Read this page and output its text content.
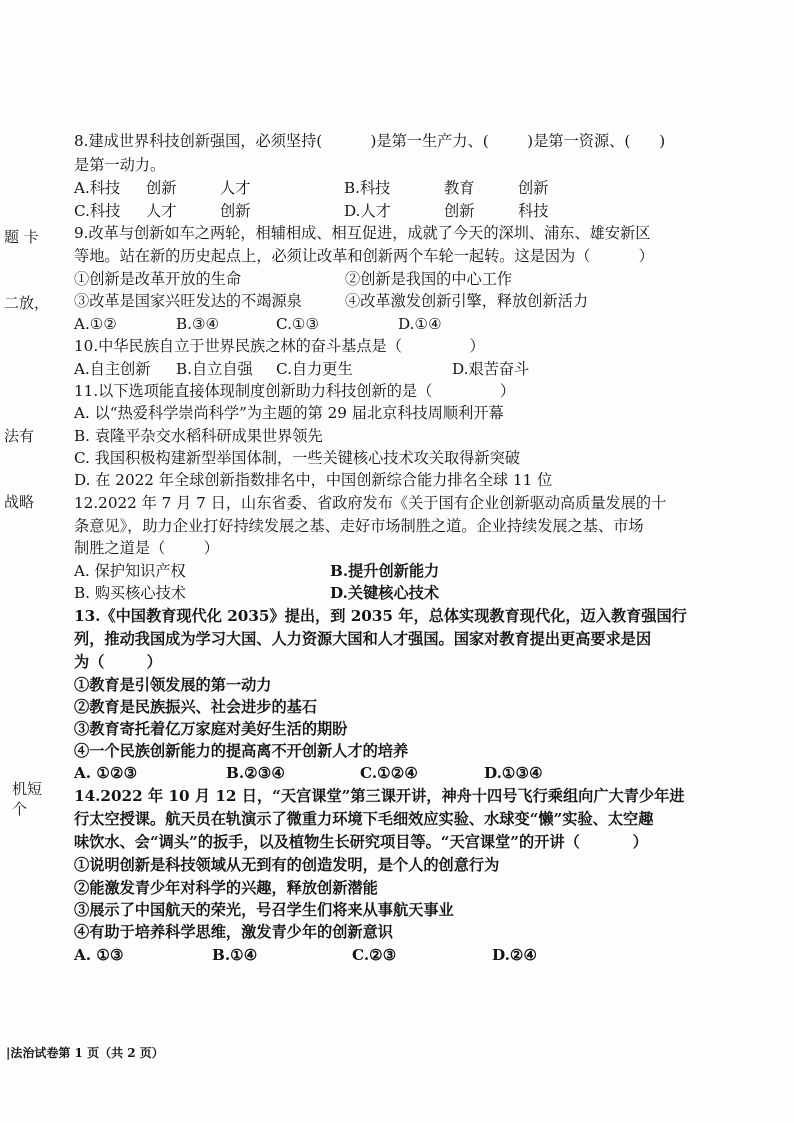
题 卡
二放，
法有
战略
机短
个
8.建成世界科技创新强国，必须坚持(          )是第一生产力、(        )是第一资源、(      )
是第一动力。
A.科技 创新	人才	B.科技	教育	创新
C.科技 人才	创新	D.人才	创新	科技
9.改革与创新如车之两轮，相辅相成、相互促进，成就了今天的深圳、浦东、雄安新区
等地。站在新的历史起点上，必须让改革和创新两个车轮一起转。这是因为（          ）
①创新是改革开放的生命	②创新是我国的中心工作
③改革是国家兴旺发达的不竭源泉	④改革激发创新引擎，释放创新活力
A.①②	B.③④	C.①③	D.①④
10.中华民族自立于世界民族之林的奋斗基点是（              ）
A.自主创新 B.自立自强 C.自力更生	D.艰苦奋斗
11.以下选项能直接体现制度创新助力科技创新的是（              ）
A. 以“热爱科学崇尚科学”为主题的第 29 届北京科技周顺利开幕
B. 袁隆平杂交水稻科研成果世界领先
C. 我国积极构建新型举国体制，一些关键核心技术攻关取得新突破
D. 在 2022 年全球创新指数排名中，中国创新综合能力排名全球 11 位
12.2022 年 7 月 7 日，山东省委、省政府发布《关于国有企业创新驱动高质量发展的十
条意见》，助力企业打好持续发展之基、走好市场制胜之道。企业持续发展之基、市场
制胜之道是（        ）
A. 保护知识产权	B.提升创新能力
B. 购买核心技术	D.关键核心技术
13.《中国教育现代化 2035》提出，到 2035 年，总体实现教育现代化，迈入教育强国行
列，推动我国成为学习大国、人力资源大国和人才强国。国家对教育提出更高要求是因
为（        ）
①教育是引领发展的第一动力
②教育是民族振兴、社会进步的基石
③教育寄托着亿万家庭对美好生活的期盼
④一个民族创新能力的提高离不开创新人才的培养
A. ①②③	B.②③④	C.①②④	D.①③④
14.2022 年 10 月 12 日，“天宫课堂”第三课开讲，神舟十四号飞行乘组向广大青少年进
行太空授课。航天员在轨演示了微重力环境下毛细效应实验、水球变“懒”实验、太空趣
味饮水、会“调头”的扳手，以及植物生长研究项目等。“天宫课堂”的开讲（          ）
①说明创新是科技领域从无到有的创造发明，是个人的创意行为
②能激发青少年对科学的兴趣，释放创新潜能
③展示了中国航天的荣光，号召学生们将来从事航天事业
④有助于培养科学思维，激发青少年的创新意识
A. ①③	B.①④	C.②③	D.②④
|法治试卷第 1 页（共 2 页）
